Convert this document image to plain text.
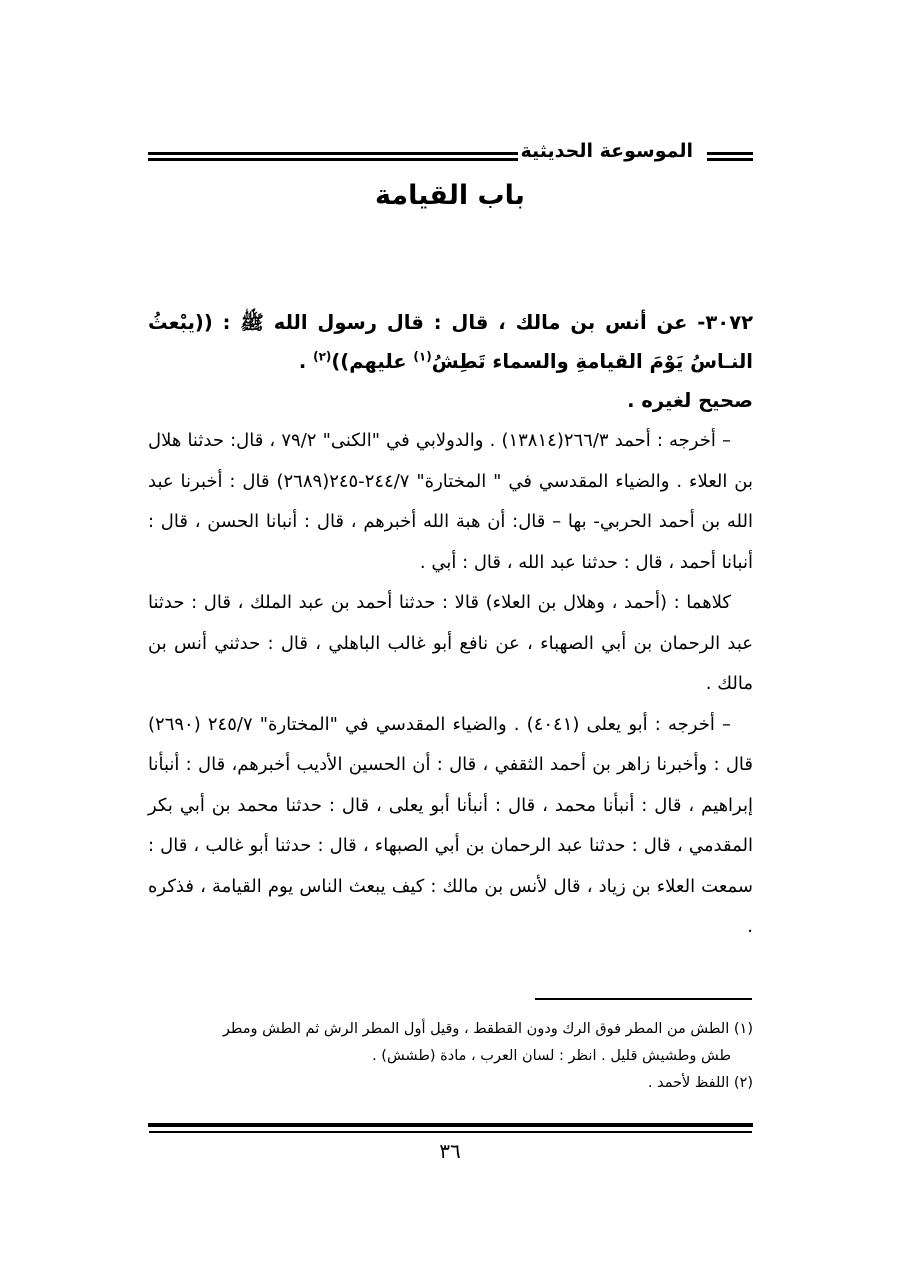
الموسوعة الحديثية
باب القيامة

٣٠٧٢- عن أنس بن مالك ، قال : قال رسول الله ﷺ : ((يبْعثُ النـاسُ يَوْمَ القيامةِ والسماء تَطِشُ$^{(١)}$ عليهم))$^{(٢)}$ .

صحيح لغيره .

– أخرجه : أحمد ٢٦٦/٣(١٣٨١٤) . والدولابي في "الكنى" ٧٩/٢ ، قال: حدثنا هلال بن العلاء . والضياء المقدسي في " المختارة" ٢٤٤/٧-٢٤٥(٢٦٨٩) قال : أخبرنا عبد الله بن أحمد الحربي- بها – قال: أن هبة الله أخبرهم ، قال : أنبانا الحسن ، قال : أنبانا أحمد ، قال : حدثنا عبد الله ، قال : أبي .

كلاهما : (أحمد ، وهلال بن العلاء) قالا : حدثنا أحمد بن عبد الملك ، قال : حدثنا عبد الرحمان بن أبي الصهباء ، عن نافع أبو غالب الباهلي ، قال : حدثني أنس بن مالك .

– أخرجه : أبو يعلى (٤٠٤١) . والضياء المقدسي في "المختارة" ٢٤٥/٧ (٢٦٩٠) قال : وأخبرنا زاهر بن أحمد الثقفي ، قال : أن الحسين الأديب أخبرهم، قال : أنبأنا إبراهيم ، قال : أنبأنا محمد ، قال : أنبأنا أبو يعلى ، قال : حدثنا محمد بن أبي بكر المقدمي ، قال : حدثنا عبد الرحمان بن أبي الصبهاء ، قال : حدثنا أبو غالب ، قال : سمعت العلاء بن زياد ، قال لأنس بن مالك : كيف يبعث الناس يوم القيامة ، فذكره .

(١) الطش من المطر فوق الرك ودون القطقط ، وقيل أول المطر الرش ثم الطش ومطر

طش وطشيش قليل . انظر : لسان العرب ، مادة (طشش) .

(٢) اللفظ لأحمد .

٣٦
